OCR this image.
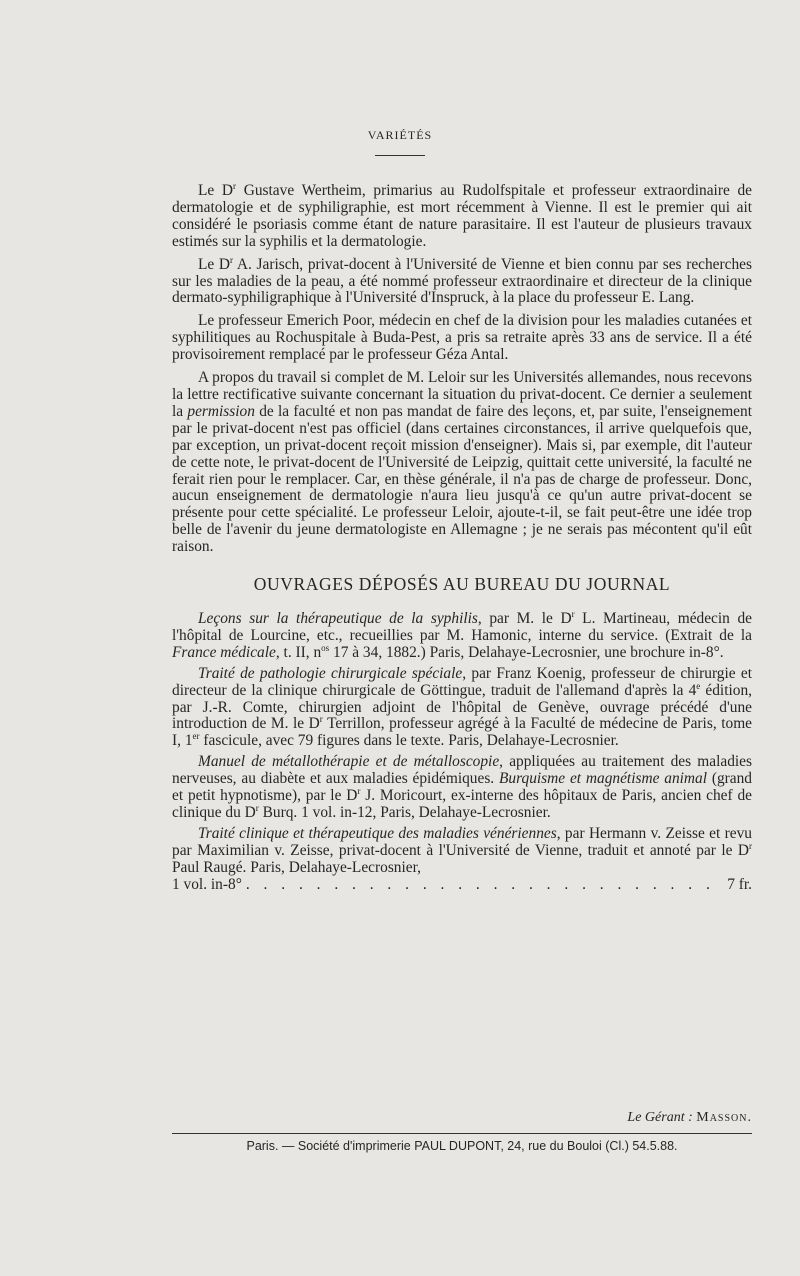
VARIÉTÉS

Le $D^r$ Gustave Wertheim, primarius au Rudolfspitale et professeur extraordinaire de dermatologie et de syphiligraphie, est mort récemment à Vienne. Il est le premier qui ait considéré le psoriasis comme étant de nature parasitaire. Il est l'auteur de plusieurs travaux estimés sur la syphilis et la dermatologie.

Le $D^r$ A. Jarisch, privat-docent à l'Université de Vienne et bien connu par ses recherches sur les maladies de la peau, a été nommé professeur extraordinaire et directeur de la clinique dermato-syphiligraphique à l'Université d'Inspruck, à la place du professeur E. Lang.

Le professeur Emerich Poor, médecin en chef de la division pour les maladies cutanées et syphilitiques au Rochuspitale à Buda-Pest, a pris sa retraite après 33 ans de service. Il a été provisoirement remplacé par le professeur Géza Antal.

A propos du travail si complet de M. Leloir sur les Universités allemandes, nous recevons la lettre rectificative suivante concernant la situation du privat-docent. Ce dernier a seulement la permission de la faculté et non pas mandat de faire des leçons, et, par suite, l'enseignement par le privat-docent n'est pas officiel (dans certaines circonstances, il arrive quelquefois que, par exception, un privat-docent reçoit mission d'enseigner). Mais si, par exemple, dit l'auteur de cette note, le privat-docent de l'Université de Leipzig, quittait cette université, la faculté ne ferait rien pour le remplacer. Car, en thèse générale, il n'a pas de charge de professeur. Donc, aucun enseignement de dermatologie n'aura lieu jusqu'à ce qu'un autre privat-docent se présente pour cette spécialité. Le professeur Leloir, ajoute-t-il, se fait peut-être une idée trop belle de l'avenir du jeune dermatologiste en Allemagne ; je ne serais pas mécontent qu'il eût raison.

OUVRAGES DÉPOSÉS AU BUREAU DU JOURNAL

Leçons sur la thérapeutique de la syphilis, par M. le $D^r$ L. Martineau, médecin de l'hôpital de Lourcine, etc., recueillies par M. Hamonic, interne du service. (Extrait de la France médicale, t. II, $n^{os}$ 17 à 34, 1882.) Paris, Delahaye-Lecrosnier, une brochure in-8°.

Traité de pathologie chirurgicale spéciale, par Franz Koenig, professeur de chirurgie et directeur de la clinique chirurgicale de Göttingue, traduit de l'allemand d'après la 4e édition, par J.-R. Comte, chirurgien adjoint de l'hôpital de Genève, ouvrage précédé d'une introduction de M. le $D^r$ Terrillon, professeur agrégé à la Faculté de médecine de Paris, tome I, 1er fascicule, avec 79 figures dans le texte. Paris, Delahaye-Lecrosnier.

Manuel de métallothérapie et de métalloscopie, appliquées au traitement des maladies nerveuses, au diabète et aux maladies épidémiques. Burquisme et magnétisme animal (grand et petit hypnotisme), par le $D^r$ J. Moricourt, ex-interne des hôpitaux de Paris, ancien chef de clinique du $D^r$ Burq. 1 vol. in-12, Paris, Delahaye-Lecrosnier.

Traité clinique et thérapeutique des maladies vénériennes, par Hermann v. Zeisse et revu par Maximilian v. Zeisse, privat-docent à l'Université de Vienne, traduit et annoté par le $D^r$ Paul Raugé. Paris, Delahaye-Lecrosnier,

1 vol. in-8° . . . . . . . . . . . . . . . . . . . . . . . . . . . 7 fr.
Le Gérant : Masson.
Paris. — Société d'imprimerie PAUL DUPONT, 24, rue du Bouloi (Cl.) 54.5.88.
